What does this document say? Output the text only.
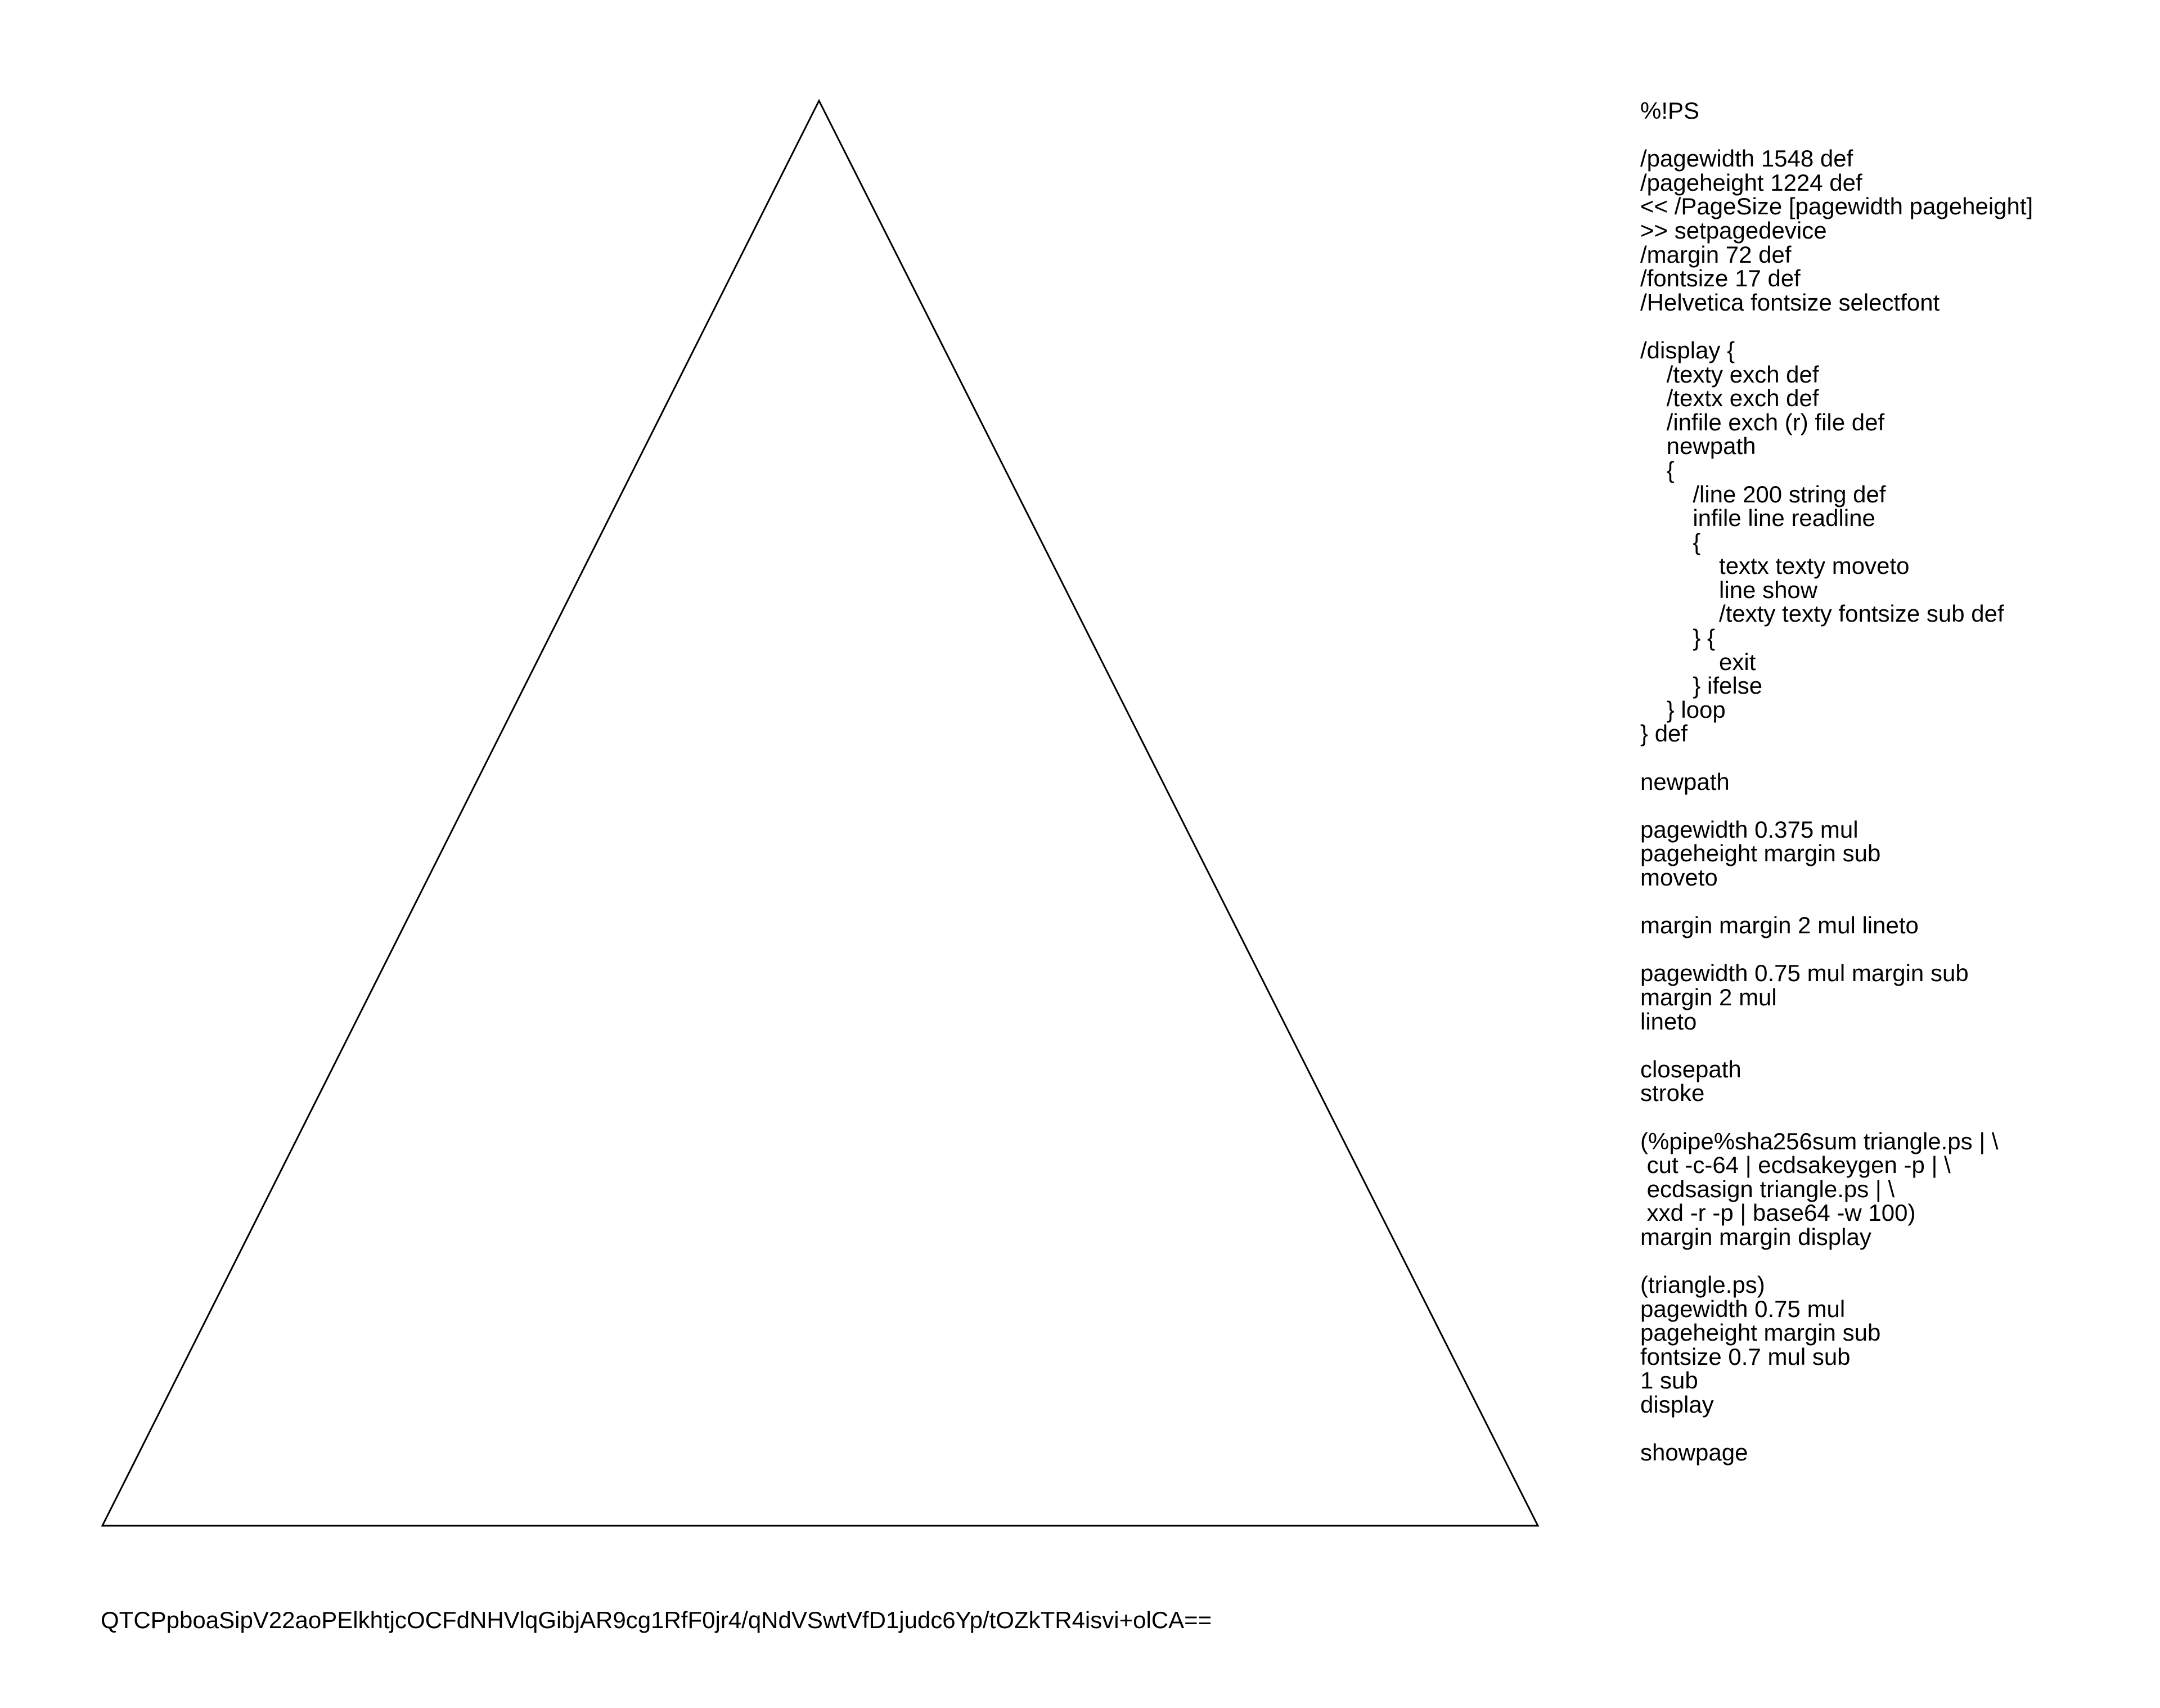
%!PS

/pagewidth 1548 def
/pageheight 1224 def
<< /PageSize [pagewidth pageheight]
>> setpagedevice
/margin 72 def
/fontsize 17 def
/Helvetica fontsize selectfont

/display {
/texty exch def
/textx exch def
/infile exch (r) file def
newpath
{
/line 200 string def
infile line readline
{
textx texty moveto
line show
/texty texty fontsize sub def
} {
exit
} ifelse
} loop
} def

newpath

pagewidth 0.375 mul
pageheight margin sub
moveto

margin margin 2 mul lineto

pagewidth 0.75 mul margin sub
margin 2 mul
lineto

closepath
stroke

(%pipe%sha256sum triangle.ps | \
cut -c-64 | ecdsakeygen -p | \
ecdsasign triangle.ps | \
xxd -r -p | base64 -w 100)
margin margin display

(triangle.ps)
pagewidth 0.75 mul
pageheight margin sub
fontsize 0.7 mul sub
1 sub
display

showpage
QTCPpboaSipV22aoPElkhtjcOCFdNHVlqGibjAR9cg1RfF0jr4/qNdVSwtVfD1judc6Yp/tOZkTR4isvi+olCA==
